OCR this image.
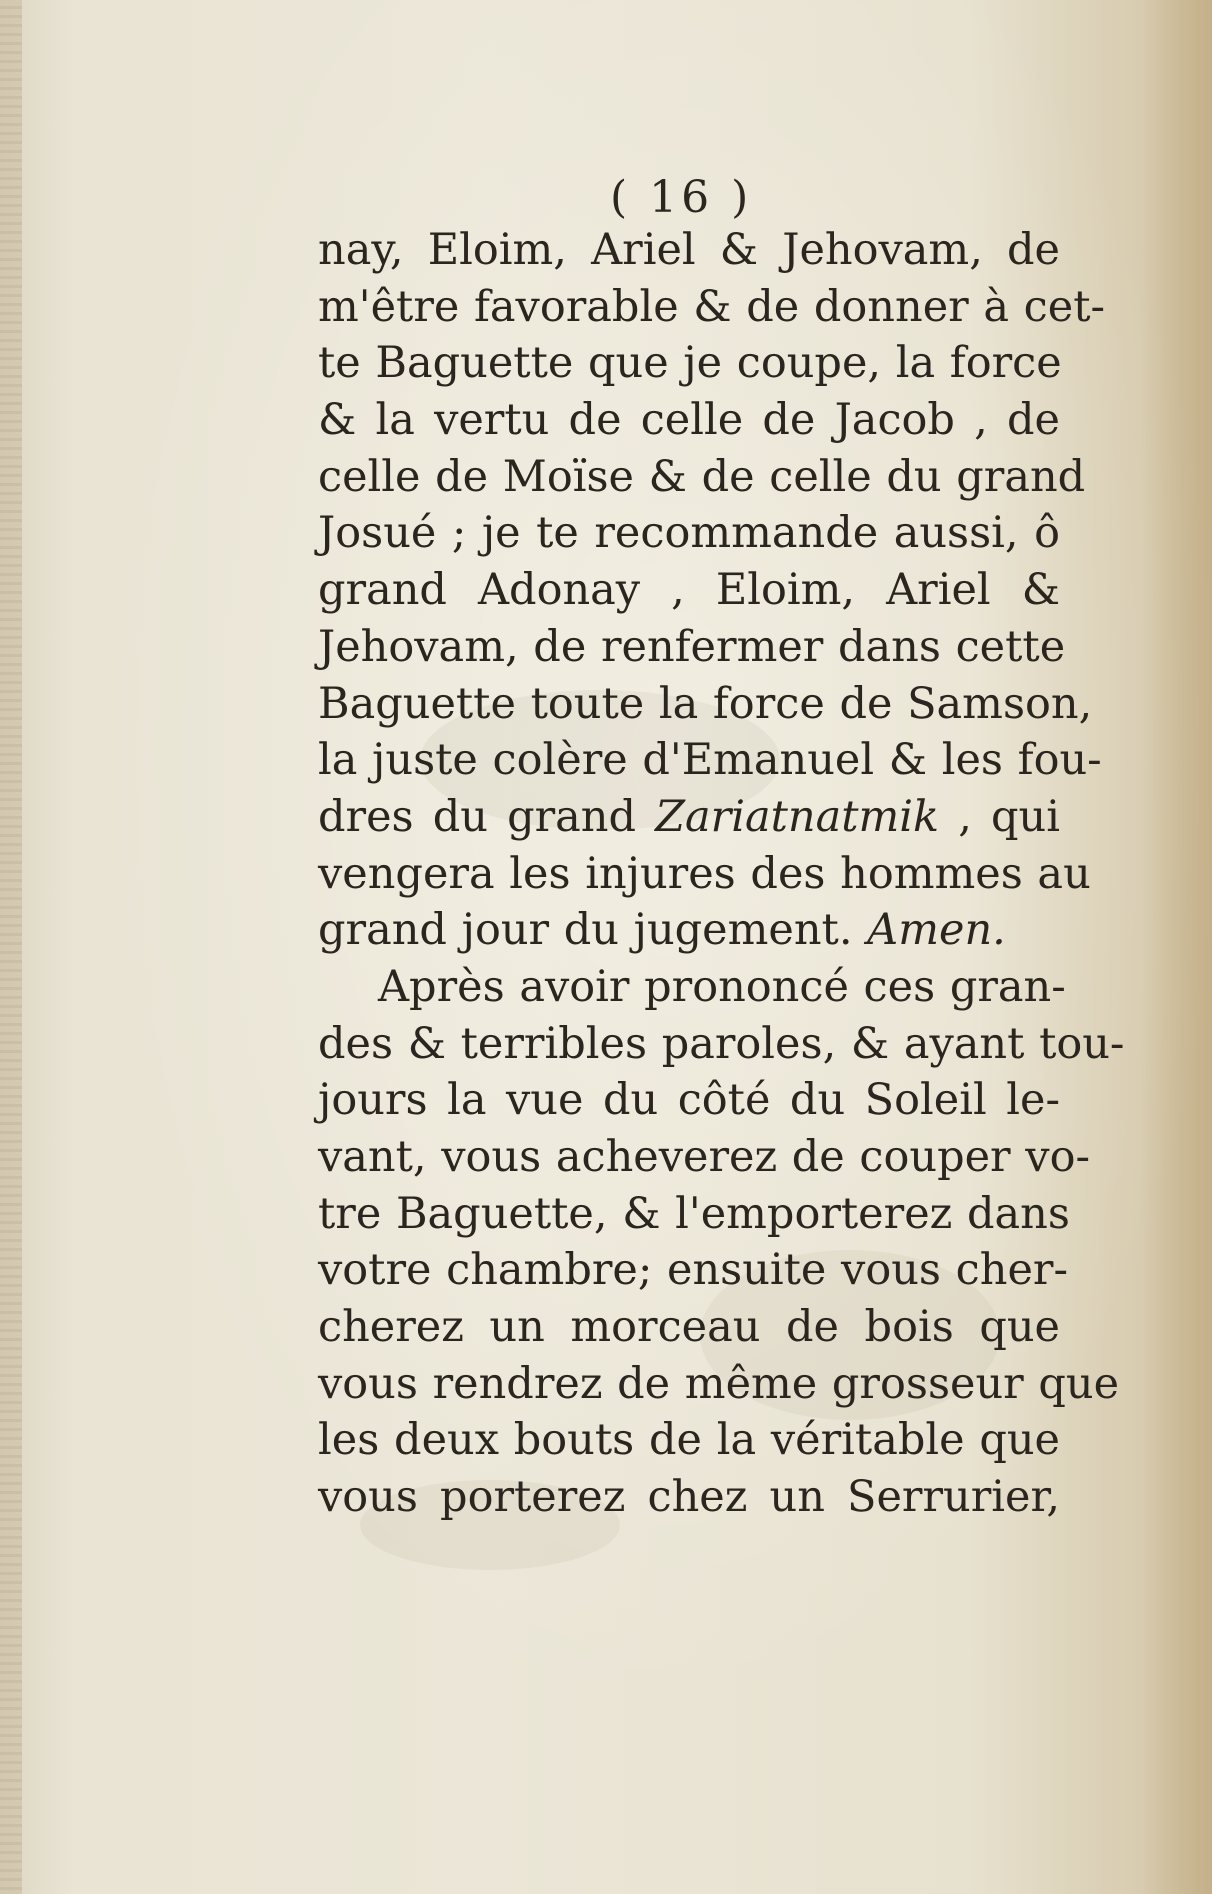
( 16 )
nay, Eloim, Ariel & Jehovam, de
m'être favorable & de donner à cet-
te Baguette que je coupe, la force
& la vertu de celle de Jacob , de
celle de Moïse & de celle du grand
Josué ; je te recommande aussi, ô
grand Adonay , Eloim, Ariel &
Jehovam, de renfermer dans cette
Baguette toute la force de Samson,
la juste colère d'Emanuel & les fou-
dres du grand Zariatnatmik , qui
vengera les injures des hommes au
grand jour du jugement. Amen.
Après avoir prononcé ces gran-
des & terribles paroles, & ayant tou-
jours la vue du côté du Soleil le-
vant, vous acheverez de couper vo-
tre Baguette, & l'emporterez dans
votre chambre; ensuite vous cher-
cherez un morceau de bois que
vous rendrez de même grosseur que
les deux bouts de la véritable que
vous porterez chez un Serrurier,
